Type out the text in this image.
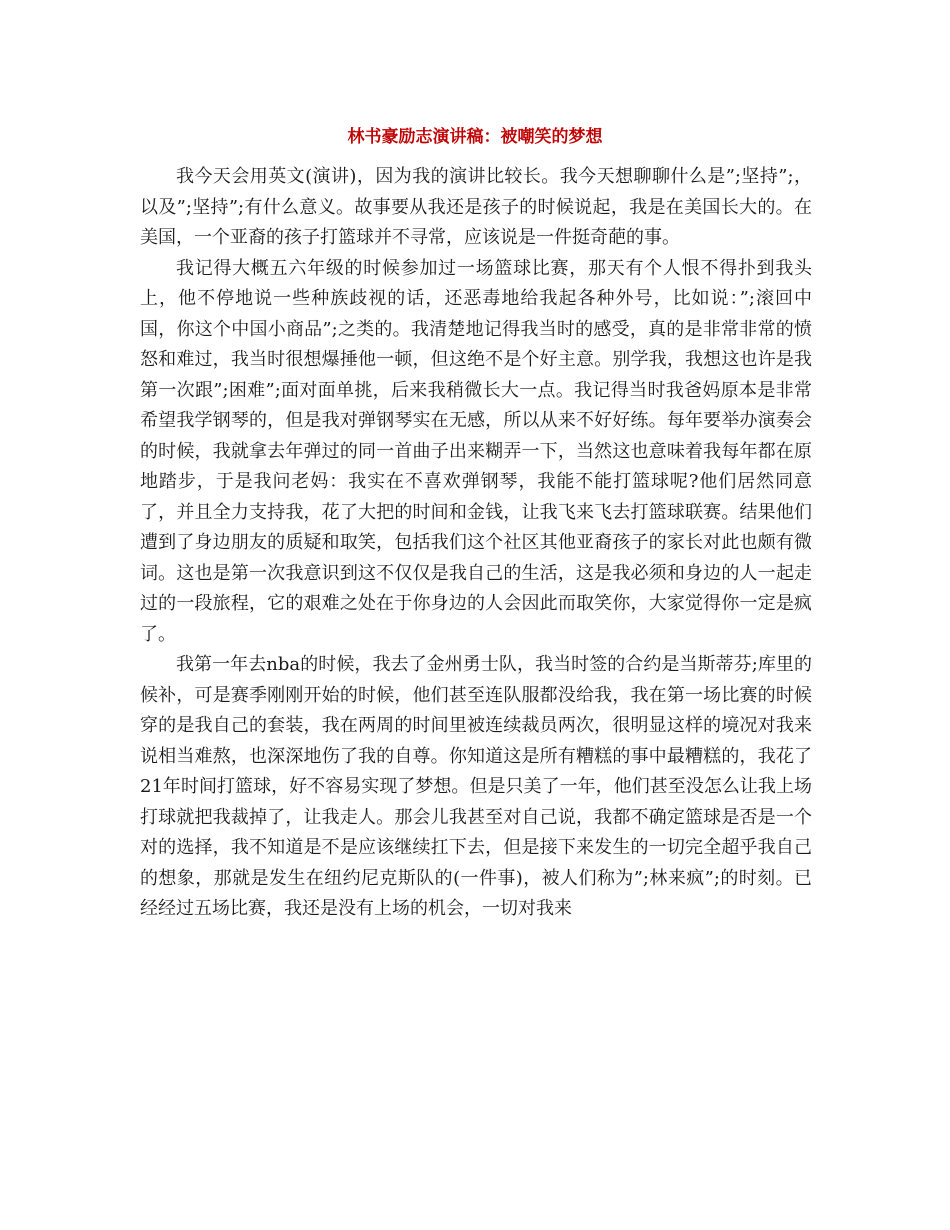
林书豪励志演讲稿：被嘲笑的梦想

我今天会用英文(演讲)，因为我的演讲比较长。我今天想聊聊什么是”;坚持”;，以及”;坚持”;有什么意义。故事要从我还是孩子的时候说起，我是在美国长大的。在美国，一个亚裔的孩子打篮球并不寻常，应该说是一件挺奇葩的事。

我记得大概五六年级的时候参加过一场篮球比赛，那天有个人恨不得扑到我头上，他不停地说一些种族歧视的话，还恶毒地给我起各种外号，比如说：”;滚回中国，你这个中国小商品”;之类的。我清楚地记得我当时的感受，真的是非常非常的愤怒和难过，我当时很想爆捶他一顿，但这绝不是个好主意。别学我，我想这也许是我第一次跟”;困难”;面对面单挑，后来我稍微长大一点。我记得当时我爸妈原本是非常希望我学钢琴的，但是我对弹钢琴实在无感，所以从来不好好练。每年要举办演奏会的时候，我就拿去年弹过的同一首曲子出来糊弄一下，当然这也意味着我每年都在原地踏步，于是我问老妈：我实在不喜欢弹钢琴，我能不能打篮球呢?他们居然同意了，并且全力支持我，花了大把的时间和金钱，让我飞来飞去打篮球联赛。结果他们遭到了身边朋友的质疑和取笑，包括我们这个社区其他亚裔孩子的家长对此也颇有微词。这也是第一次我意识到这不仅仅是我自己的生活，这是我必须和身边的人一起走过的一段旅程，它的艰难之处在于你身边的人会因此而取笑你，大家觉得你一定是疯了。

我第一年去nba的时候，我去了金州勇士队，我当时签的合约是当斯蒂芬;库里的候补，可是赛季刚刚开始的时候，他们甚至连队服都没给我，我在第一场比赛的时候穿的是我自己的套装，我在两周的时间里被连续裁员两次，很明显这样的境况对我来说相当难熬，也深深地伤了我的自尊。你知道这是所有糟糕的事中最糟糕的，我花了21年时间打篮球，好不容易实现了梦想。但是只美了一年，他们甚至没怎么让我上场打球就把我裁掉了，让我走人。那会儿我甚至对自己说，我都不确定篮球是否是一个对的选择，我不知道是不是应该继续扛下去，但是接下来发生的一切完全超乎我自己的想象，那就是发生在纽约尼克斯队的(一件事)，被人们称为”;林来疯”;的时刻。已经经过五场比赛，我还是没有上场的机会，一切对我来
